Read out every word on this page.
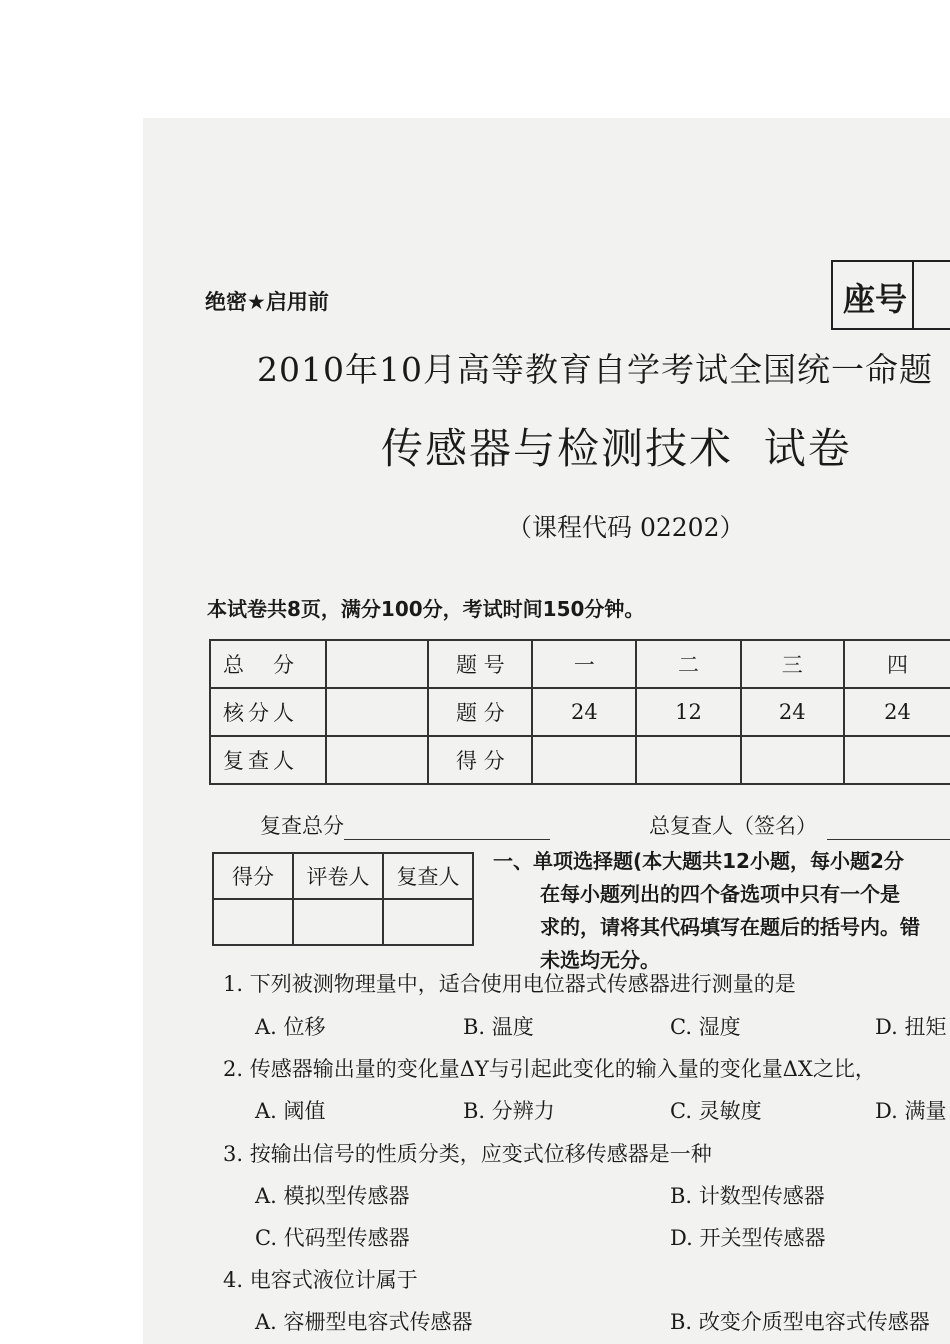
绝密★启用前	座号
2010年10月高等教育自学考试全国统一命题
传感器与检测技术  试卷
（课程代码 02202）
本试卷共8页，满分100分，考试时间150分钟。
总　分		题 号	一	二	三	四
核分人		题 分	24	12	24	24
复查人		得 分				
复查总分	总复查人（签名）
得分	评卷人	复查人

一、单项选择题(本大题共12小题，每小题2分
在每小题列出的四个备选项中只有一个是
求的，请将其代码填写在题后的括号内。错
未选均无分。
1. 下列被测物理量中，适合使用电位器式传感器进行测量的是
A. 位移	B. 温度	C. 湿度	D. 扭矩
2. 传感器输出量的变化量ΔY与引起此变化的输入量的变化量ΔX之比，
A. 阈值	B. 分辨力	C. 灵敏度	D. 满量
3. 按输出信号的性质分类，应变式位移传感器是一种
A. 模拟型传感器	B. 计数型传感器
C. 代码型传感器	D. 开关型传感器
4. 电容式液位计属于
A. 容栅型电容式传感器	B. 改变介质型电容式传感器
